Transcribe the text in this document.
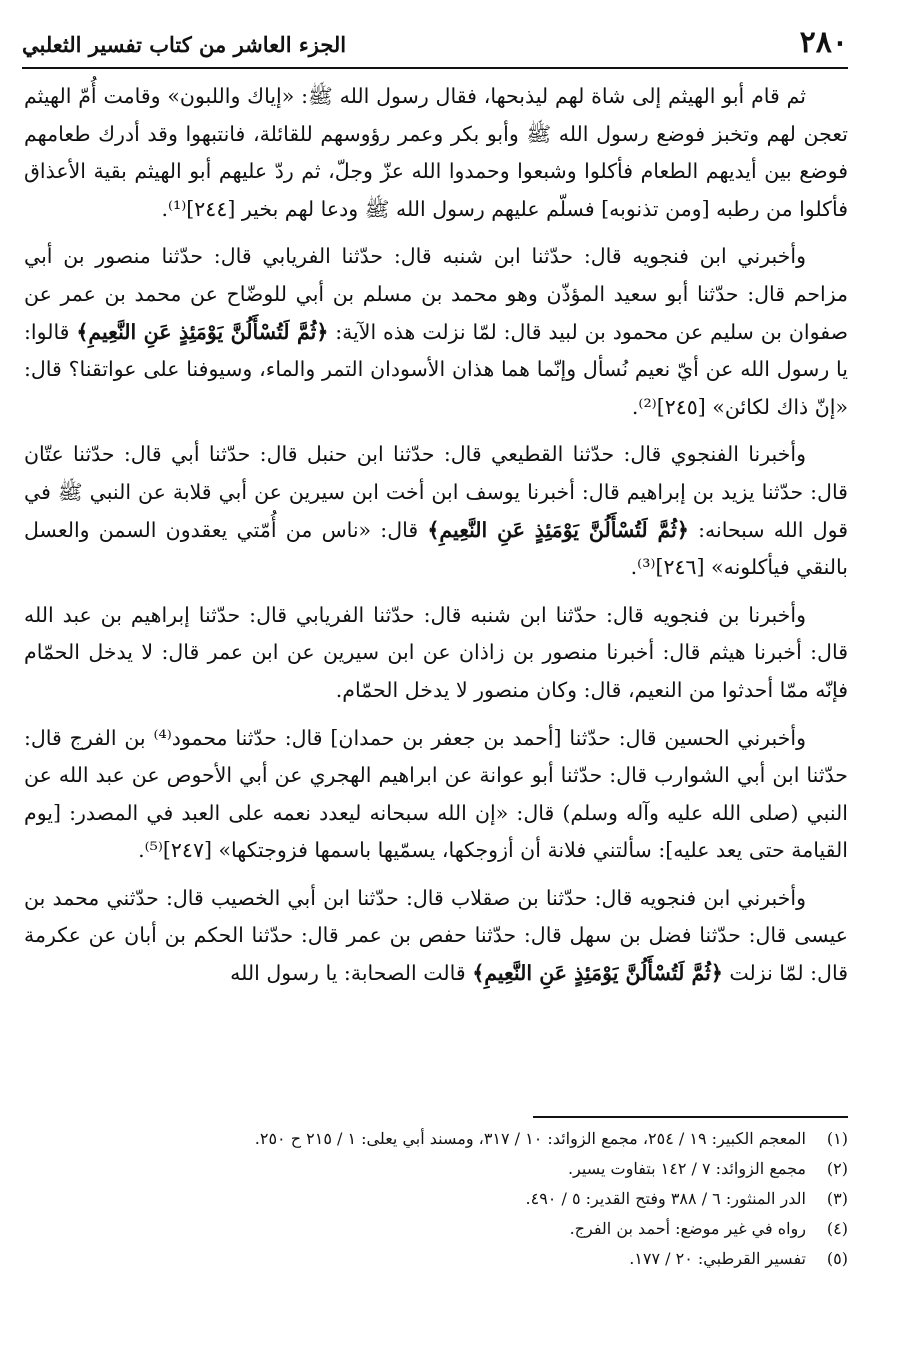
٢٨٠
الجزء العاشر من كتاب تفسير الثعلبي

ثم قام أبو الهيثم إلى شاة لهم ليذبحها، فقال رسول الله ﷺ: «إياك واللبون» وقامت أُمّ الهيثم تعجن لهم وتخبز فوضع رسول الله ﷺ وأبو بكر وعمر رؤوسهم للقائلة، فانتبهوا وقد أدرك طعامهم فوضع بين أيديهم الطعام فأكلوا وشبعوا وحمدوا الله عزّ وجلّ، ثم ردّ عليهم أبو الهيثم بقية الأعذاق فأكلوا من رطبه [ومن تذنوبه] فسلّم عليهم رسول الله ﷺ ودعا لهم بخير [٢٤٤]⁽¹⁾.

وأخبرني ابن فنجويه قال: حدّثنا ابن شنبه قال: حدّثنا الفريابي قال: حدّثنا منصور بن أبي مزاحم قال: حدّثنا أبو سعيد المؤذّن وهو محمد بن مسلم بن أبي للوضّاح عن محمد بن عمر عن صفوان بن سليم عن محمود بن لبيد قال: لمّا نزلت هذه الآية: ﴿ثُمَّ لَتُسْأَلُنَّ يَوْمَئِذٍ عَنِ النَّعِيمِ﴾ قالوا: يا رسول الله عن أيّ نعيم نُسأل وإنّما هما هذان الأسودان التمر والماء، وسيوفنا على عواتقنا؟ قال: «إنّ ذاك لكائن» [٢٤٥]⁽²⁾.

وأخبرنا الفنجوي قال: حدّثنا القطيعي قال: حدّثنا ابن حنبل قال: حدّثنا أبي قال: حدّثنا عتّان قال: حدّثنا يزيد بن إبراهيم قال: أخبرنا يوسف ابن أخت ابن سيرين عن أبي قلابة عن النبي ﷺ في قول الله سبحانه: ﴿ثُمَّ لَتُسْأَلُنَّ يَوْمَئِذٍ عَنِ النَّعِيمِ﴾ قال: «ناس من أُمّتي يعقدون السمن والعسل بالنقي فيأكلونه» [٢٤٦]⁽³⁾.

وأخبرنا بن فنجويه قال: حدّثنا ابن شنبه قال: حدّثنا الفريابي قال: حدّثنا إبراهيم بن عبد الله قال: أخبرنا هيثم قال: أخبرنا منصور بن زاذان عن ابن سيرين عن ابن عمر قال: لا يدخل الحمّام فإنّه ممّا أحدثوا من النعيم، قال: وكان منصور لا يدخل الحمّام.

وأخبرني الحسين قال: حدّثنا [أحمد بن جعفر بن حمدان] قال: حدّثنا محمود⁽⁴⁾ بن الفرج قال: حدّثنا ابن أبي الشوارب قال: حدّثنا أبو عوانة عن ابراهيم الهجري عن أبي الأحوص عن عبد الله عن النبي (صلى الله عليه وآله وسلم) قال: «إن الله سبحانه ليعدد نعمه على العبد في المصدر: [يوم القيامة حتى يعد عليه]: سألتني فلانة أن أزوجكها، يسمّيها باسمها فزوجتكها» [٢٤٧]⁽⁵⁾.

وأخبرني ابن فنجويه قال: حدّثنا بن صقلاب قال: حدّثنا ابن أبي الخصيب قال: حدّثني محمد بن عيسى قال: حدّثنا فضل بن سهل قال: حدّثنا حفص بن عمر قال: حدّثنا الحكم بن أبان عن عكرمة قال: لمّا نزلت ﴿ثُمَّ لَتُسْأَلُنَّ يَوْمَئِذٍ عَنِ النَّعِيمِ﴾ قالت الصحابة: يا رسول الله

(١)المعجم الكبير: ١٩ / ٢٥٤، مجمع الزوائد: ١٠ / ٣١٧، ومسند أبي يعلى: ١ / ٢١٥ ح ٢٥٠.
(٢)مجمع الزوائد: ٧ / ١٤٢ بتفاوت يسير.
(٣)الدر المنثور: ٦ / ٣٨٨ وفتح القدير: ٥ / ٤٩٠.
(٤)رواه في غير موضع: أحمد بن الفرج.
(٥)تفسير القرطبي: ٢٠ / ١٧٧.
